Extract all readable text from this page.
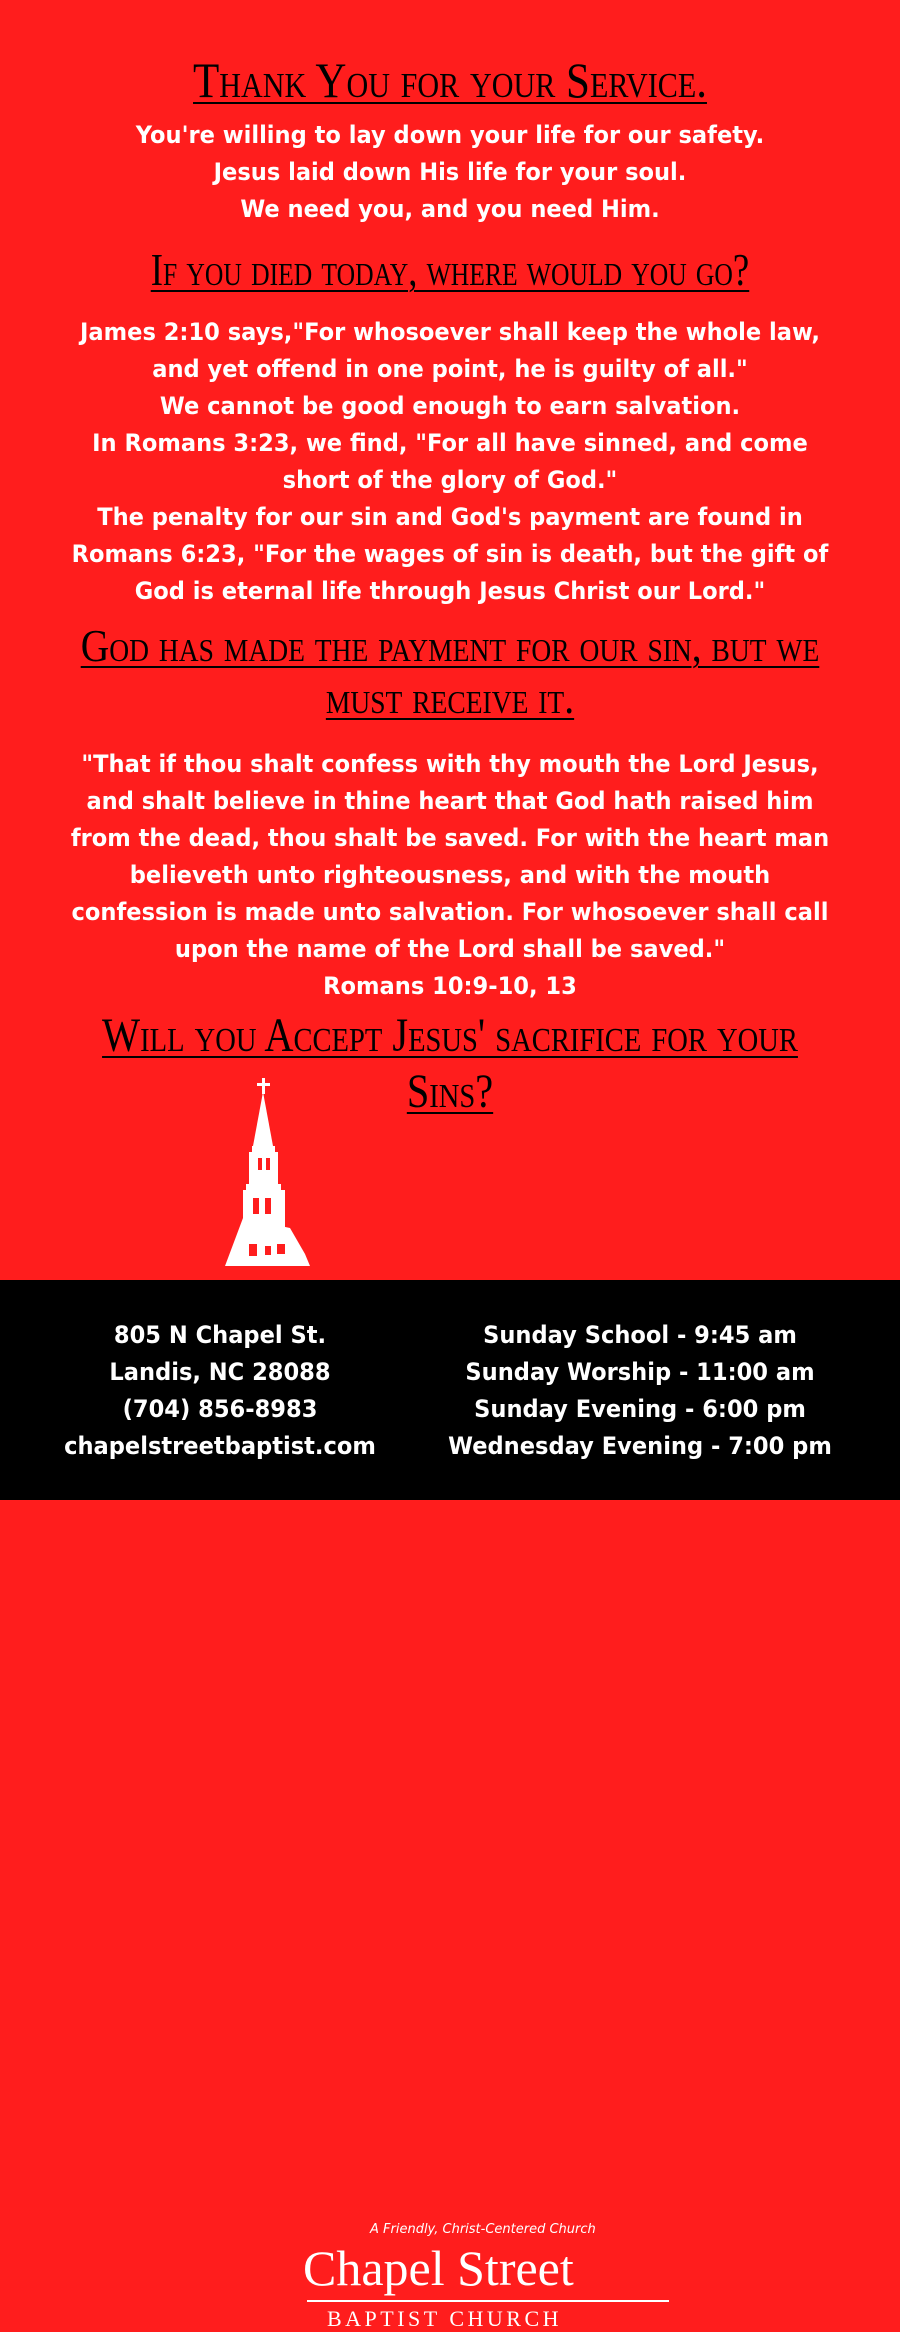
Thank You for your Service.
You're willing to lay down your life for our safety.
Jesus laid down His life for your soul.
We need you, and you need Him.
If you died today, where would you go?
James 2:10 says,"For whosoever shall keep the whole law,
and yet offend in one point, he is guilty of all."
We cannot be good enough to earn salvation.
In Romans 3:23, we find, "For all have sinned, and come
short of the glory of God."
The penalty for our sin and God's payment are found in
Romans 6:23, "For the wages of sin is death, but the gift of
God is eternal life through Jesus Christ our Lord."
God has made the payment for our sin, but we
must receive it.
"That if thou shalt confess with thy mouth the Lord Jesus,
and shalt believe in thine heart that God hath raised him
from the dead, thou shalt be saved. For with the heart man
believeth unto righteousness, and with the mouth
confession is made unto salvation. For whosoever shall call
upon the name of the Lord shall be saved."
Romans 10:9-10, 13
Will you Accept Jesus' sacrifice for your Sins?
A Friendly, Christ-Centered Church
Chapel Street
BAPTIST CHURCH
805 N Chapel St.
Landis, NC 28088
(704) 856-8983
chapelstreetbaptist.com
Sunday School - 9:45 am
Sunday Worship - 11:00 am
Sunday Evening - 6:00 pm
Wednesday Evening - 7:00 pm
